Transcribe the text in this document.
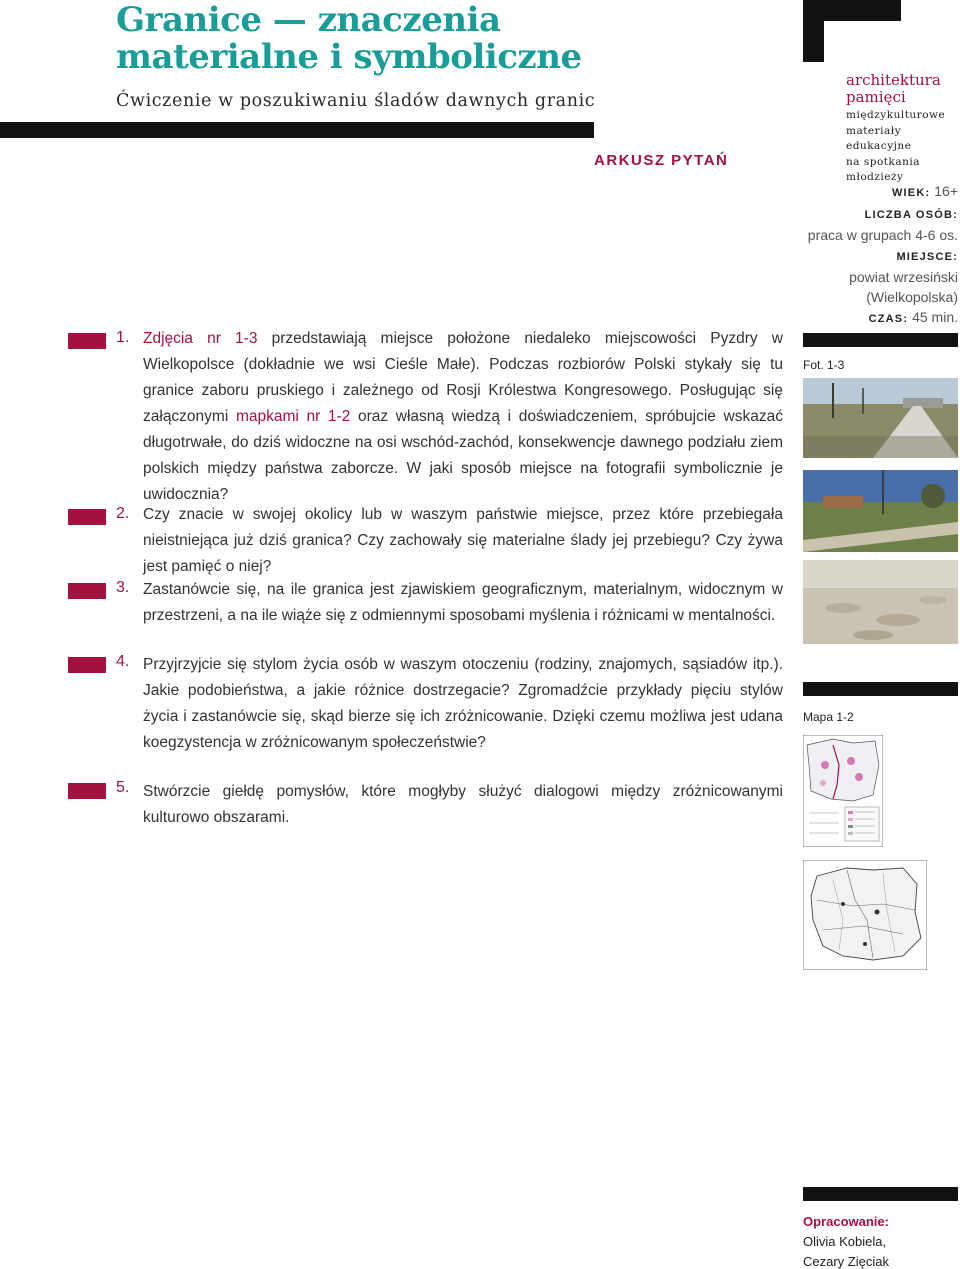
Granice — znaczenia
materialne i symboliczne
Ćwiczenie w poszukiwaniu śladów dawnych granic
ARKUSZ PYTAŃ
architektura
pamięci
międzykulturowe
materiały edukacyjne
na spotkania
młodzieży
WIEK: 16+
LICZBA OSÓB:
praca w grupach 4-6 os.
MIEJSCE:
powiat wrzesiński
(Wielkopolska)
CZAS: 45 min.
1. Zdjęcia nr 1-3 przedstawiają miejsce położone niedaleko miejscowości Pyzdry w Wielkopolsce (dokładnie we wsi Cieśle Małe). Podczas rozbiorów Polski stykały się tu granice zaboru pruskiego i zależnego od Rosji Królestwa Kongresowego. Posługując się załączonymi mapkami nr 1-2 oraz własną wiedzą i doświadczeniem, spróbujcie wskazać długotrwałe, do dziś widoczne na osi wschód-zachód, konsekwencje dawnego podziału ziem polskich między państwa zaborcze. W jaki sposób miejsce na fotografii symbolicznie je uwidoczniа?
2. Czy znacie w swojej okolicy lub w waszym państwie miejsce, przez które przebiegała nieistniejąca już dziś granica? Czy zachowały się materialne ślady jej przebiegu? Czy żywa jest pamięć o niej?
3. Zastanówcie się, na ile granica jest zjawiskiem geograficznym, materialnym, widocznym w przestrzeni, a na ile wiąże się z odmiennymi sposobami myślenia i różnicami w mentalności.
4. Przyjrzyjcie się stylom życia osób w waszym otoczeniu (rodziny, znajomych, sąsiadów itp.). Jakie podobieństwa, a jakie różnice dostrzegacie? Zgromadźcie przykłady pięciu stylów życia i zastanówcie się, skąd bierze się ich zróżnicowanie. Dzięki czemu możliwa jest udana koegzystencja w zróżnicowanym społeczeństwie?
5. Stwórzcie giełdę pomysłów, które mogłyby służyć dialogowi między zróżnicowanymi kulturowo obszarami.
Fot. 1-3
Mapa 1-2
Opracowanie:
Olivia Kobiela,
Cezary Zięciak
